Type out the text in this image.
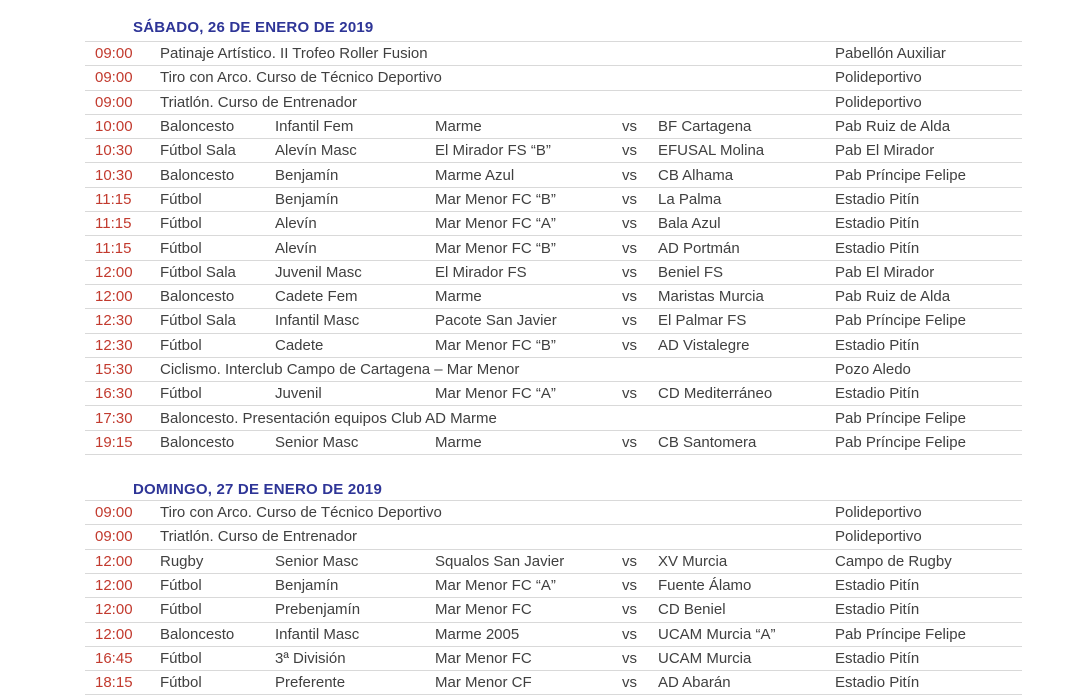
SÁBADO, 26 DE ENERO DE 2019
09:00	Patinaje Artístico. II Trofeo Roller Fusion	Pabellón Auxiliar
09:00	Tiro con Arco. Curso de Técnico Deportivo	Polideportivo
09:00	Triatlón. Curso de Entrenador	Polideportivo
10:00	Baloncesto	Infantil Fem	Marme	vs	BF Cartagena	Pab Ruiz de Alda
10:30	Fútbol Sala	Alevín Masc	El Mirador FS “B”	vs	EFUSAL Molina	Pab El Mirador
10:30	Baloncesto	Benjamín	Marme Azul	vs	CB Alhama	Pab Príncipe Felipe
11:15	Fútbol	Benjamín	Mar Menor FC “B”	vs	La Palma	Estadio Pitín
11:15	Fútbol	Alevín	Mar Menor FC “A”	vs	Bala Azul	Estadio Pitín
11:15	Fútbol	Alevín	Mar Menor FC “B”	vs	AD Portmán	Estadio Pitín
12:00	Fútbol Sala	Juvenil Masc	El Mirador FS	vs	Beniel FS	Pab El Mirador
12:00	Baloncesto	Cadete Fem	Marme	vs	Maristas Murcia	Pab Ruiz de Alda
12:30	Fútbol Sala	Infantil Masc	Pacote San Javier	vs	El Palmar FS	Pab Príncipe Felipe
12:30	Fútbol	Cadete	Mar Menor FC “B”	vs	AD Vistalegre	Estadio Pitín
15:30	Ciclismo. Interclub Campo de Cartagena – Mar Menor	Pozo Aledo
16:30	Fútbol	Juvenil	Mar Menor FC “A”	vs	CD Mediterráneo	Estadio Pitín
17:30	Baloncesto. Presentación equipos Club AD Marme	Pab Príncipe Felipe
19:15	Baloncesto	Senior Masc	Marme	vs	CB Santomera	Pab Príncipe Felipe
DOMINGO, 27 DE ENERO DE 2019
09:00	Tiro con Arco. Curso de Técnico Deportivo	Polideportivo
09:00	Triatlón. Curso de Entrenador	Polideportivo
12:00	Rugby	Senior Masc	Squalos San Javier	vs	XV Murcia	Campo de Rugby
12:00	Fútbol	Benjamín	Mar Menor FC “A”	vs	Fuente Álamo	Estadio Pitín
12:00	Fútbol	Prebenjamín	Mar Menor FC	vs	CD Beniel	Estadio Pitín
12:00	Baloncesto	Infantil Masc	Marme 2005	vs	UCAM Murcia “A”	Pab Príncipe Felipe
16:45	Fútbol	3ª División	Mar Menor FC	vs	UCAM Murcia	Estadio Pitín
18:15	Fútbol	Preferente	Mar Menor CF	vs	AD Abarán	Estadio Pitín
